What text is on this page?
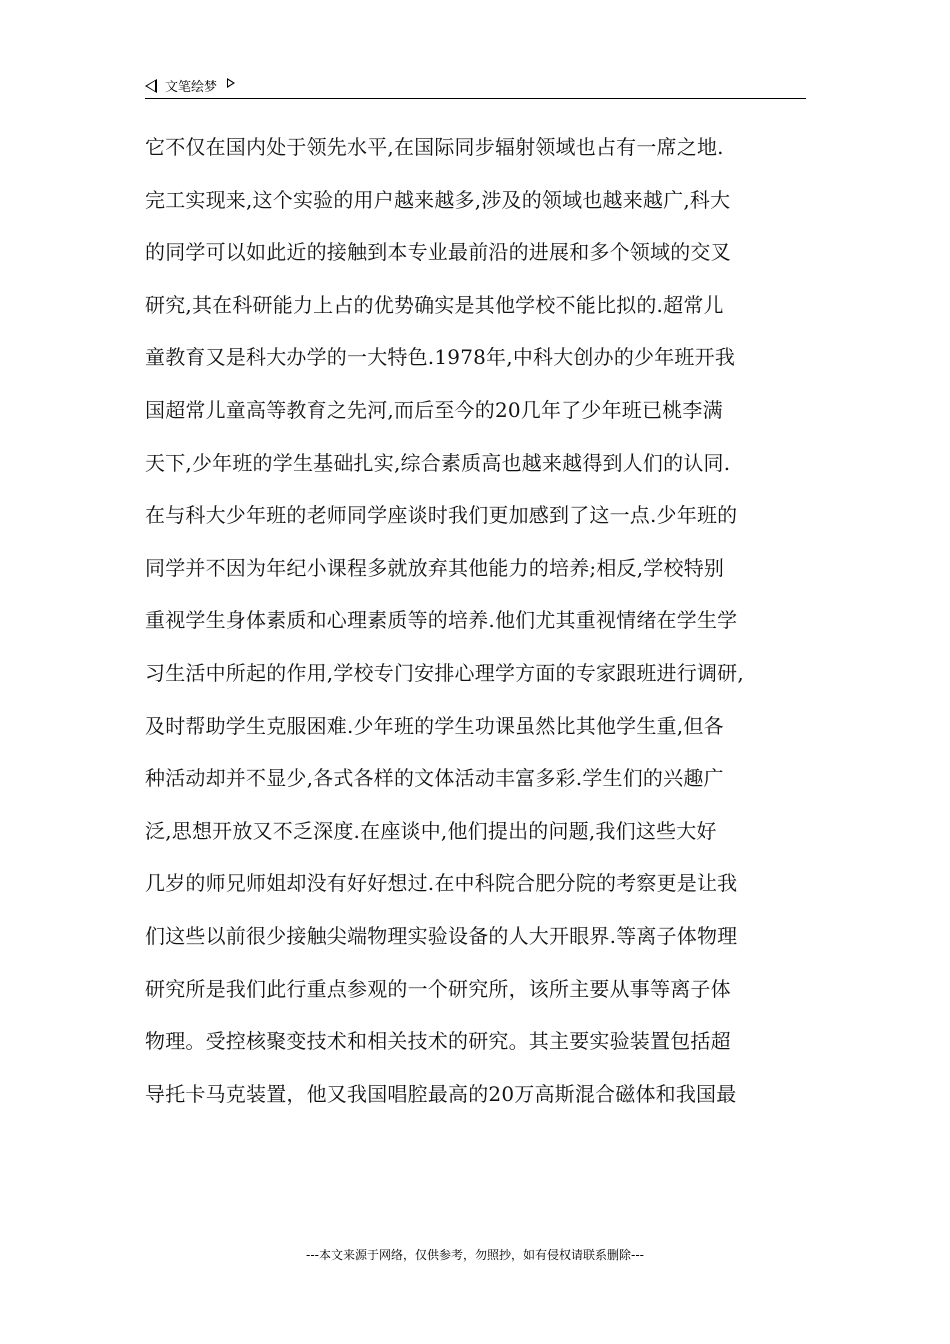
文笔绘梦
它不仅在国内处于领先水平,在国际同步辐射领域也占有一席之地.
完工实现来,这个实验的用户越来越多,涉及的领域也越来越广,科大
的同学可以如此近的接触到本专业最前沿的进展和多个领域的交叉
研究,其在科研能力上占的优势确实是其他学校不能比拟的.超常儿
童教育又是科大办学的一大特色.1978年,中科大创办的少年班开我
国超常儿童高等教育之先河,而后至今的20几年了少年班已桃李满
天下,少年班的学生基础扎实,综合素质高也越来越得到人们的认同.
在与科大少年班的老师同学座谈时我们更加感到了这一点.少年班的
同学并不因为年纪小课程多就放弃其他能力的培养;相反,学校特别
重视学生身体素质和心理素质等的培养.他们尤其重视情绪在学生学
习生活中所起的作用,学校专门安排心理学方面的专家跟班进行调研,
及时帮助学生克服困难.少年班的学生功课虽然比其他学生重,但各
种活动却并不显少,各式各样的文体活动丰富多彩.学生们的兴趣广
泛,思想开放又不乏深度.在座谈中,他们提出的问题,我们这些大好
几岁的师兄师姐却没有好好想过.在中科院合肥分院的考察更是让我
们这些以前很少接触尖端物理实验设备的人大开眼界.等离子体物理
研究所是我们此行重点参观的一个研究所，该所主要从事等离子体
物理。受控核聚变技术和相关技术的研究。其主要实验装置包括超
导托卡马克装置，他又我国唱腔最高的20万高斯混合磁体和我国最
---本文来源于网络，仅供参考，勿照抄，如有侵权请联系删除---
